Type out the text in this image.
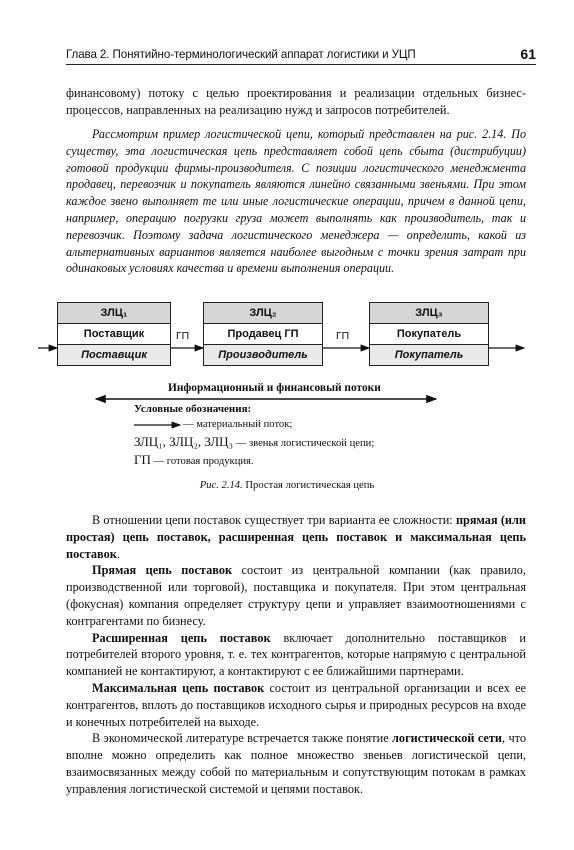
Глава 2. Понятийно-терминологический аппарат логистики и УЦП	61

финансовому) потоку с целью проектирования и реализации отдельных бизнес-

процессов, направленных на реализацию нужд и запросов потребителей.

Рассмотрим пример логистической цепи, который представлен на рис. 2.14. По существу, эта логистическая цепь представляет собой цепь сбыта (дистрибуции) готовой продукции фирмы-производителя. С позиции логистического менеджмента продавец, перевозчик и покупатель являются линейно связанными звеньями. При этом каждое звено выполняет те или иные логистические операции, причем в данной цепи, например, операцию погрузки груза может выполнять как производитель, так и перевозчик. Поэтому задача логистического менеджера — определить, какой из альтернативных вариантов является наиболее выгодным с точки зрения затрат при одинаковых условиях качества и времени выполнения операции.

ЗЛЦ₁
Поставщик
Поставщик
ЗЛЦ₂
Продавец ГП
Производитель
ЗЛЦ₃
Покупатель
Покупатель
ГП	ГП
Информационный и финансовый потоки
Условные обозначения:
— материальный поток;
ЗЛЦ₁, ЗЛЦ₂, ЗЛЦ₃ — звенья логистической цепи;
ГП — готовая продукция.
Рис. 2.14. Простая логистическая цепь

В отношении цепи поставок существует три варианта ее сложности: прямая (или простая) цепь поставок, расширенная цепь поставок и максимальная цепь поставок.

Прямая цепь поставок состоит из центральной компании (как правило, производственной или торговой), поставщика и покупателя. При этом центральная (фокусная) компания определяет структуру цепи и управляет взаимоотношениями с контрагентами по бизнесу.

Расширенная цепь поставок включает дополнительно поставщиков и потребителей второго уровня, т. е. тех контрагентов, которые напрямую с центральной компанией не контактируют, а контактируют с ее ближайшими партнерами.

Максимальная цепь поставок состоит из центральной организации и всех ее контрагентов, вплоть до поставщиков исходного сырья и природных ресурсов на входе и конечных потребителей на выходе.

В экономической литературе встречается также понятие логистической сети, что вполне можно определить как полное множество звеньев логистической цепи, взаимосвязанных между собой по материальным и сопутствующим потокам в рамках управления логистической системой и цепями поставок.
